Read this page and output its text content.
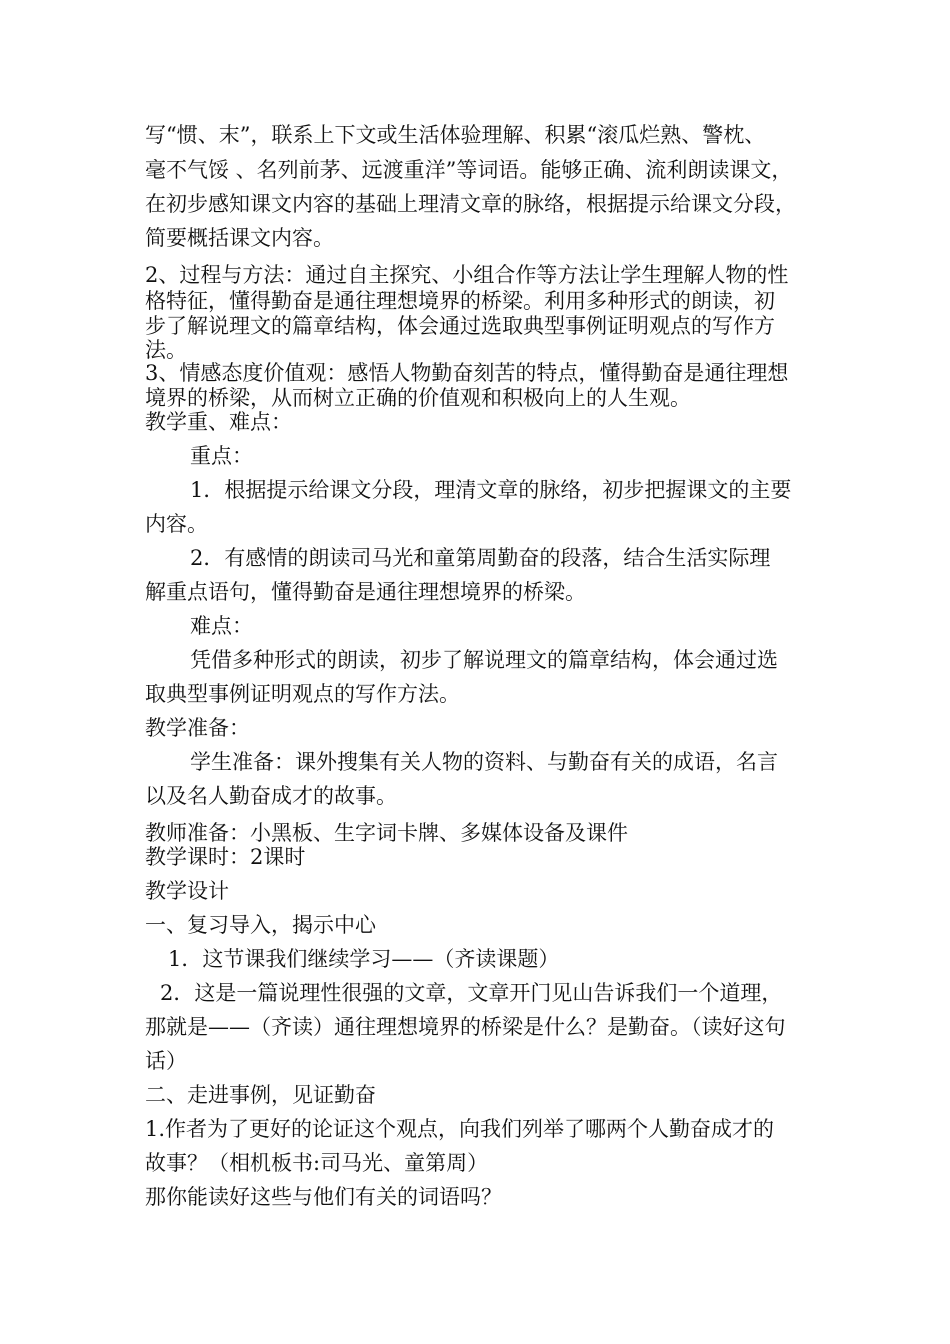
写“惯、末”，联系上下文或生活体验理解、积累“滚瓜烂熟、警枕、
毫不气馁 、名列前茅、远渡重洋”等词语。能够正确、流利朗读课文，
在初步感知课文内容的基础上理清文章的脉络，根据提示给课文分段，
简要概括课文内容。
2、过程与方法：通过自主探究、小组合作等方法让学生理解人物的性
格特征，懂得勤奋是通往理想境界的桥梁。利用多种形式的朗读，初
步了解说理文的篇章结构，体会通过选取典型事例证明观点的写作方
法。
3、情感态度价值观：感悟人物勤奋刻苦的特点，懂得勤奋是通往理想
境界的桥梁，从而树立正确的价值观和积极向上的人生观。
教学重、难点：
重点：
1．根据提示给课文分段，理清文章的脉络，初步把握课文的主要
内容。
2．有感情的朗读司马光和童第周勤奋的段落，结合生活实际理
解重点语句，懂得勤奋是通往理想境界的桥梁。
难点：
凭借多种形式的朗读，初步了解说理文的篇章结构，体会通过选
取典型事例证明观点的写作方法。
教学准备：
学生准备：课外搜集有关人物的资料、与勤奋有关的成语，名言
以及名人勤奋成才的故事。
教师准备：小黑板、生字词卡牌、多媒体设备及课件
教学课时：2课时
教学设计
一、复习导入，揭示中心
1．这节课我们继续学习——（齐读课题）
2．这是一篇说理性很强的文章，文章开门见山告诉我们一个道理，
那就是——（齐读）通往理想境界的桥梁是什么？是勤奋。（读好这句
话）
二、走进事例，见证勤奋
1.作者为了更好的论证这个观点，向我们列举了哪两个人勤奋成才的
故事？（相机板书:司马光、童第周）
那你能读好这些与他们有关的词语吗？
